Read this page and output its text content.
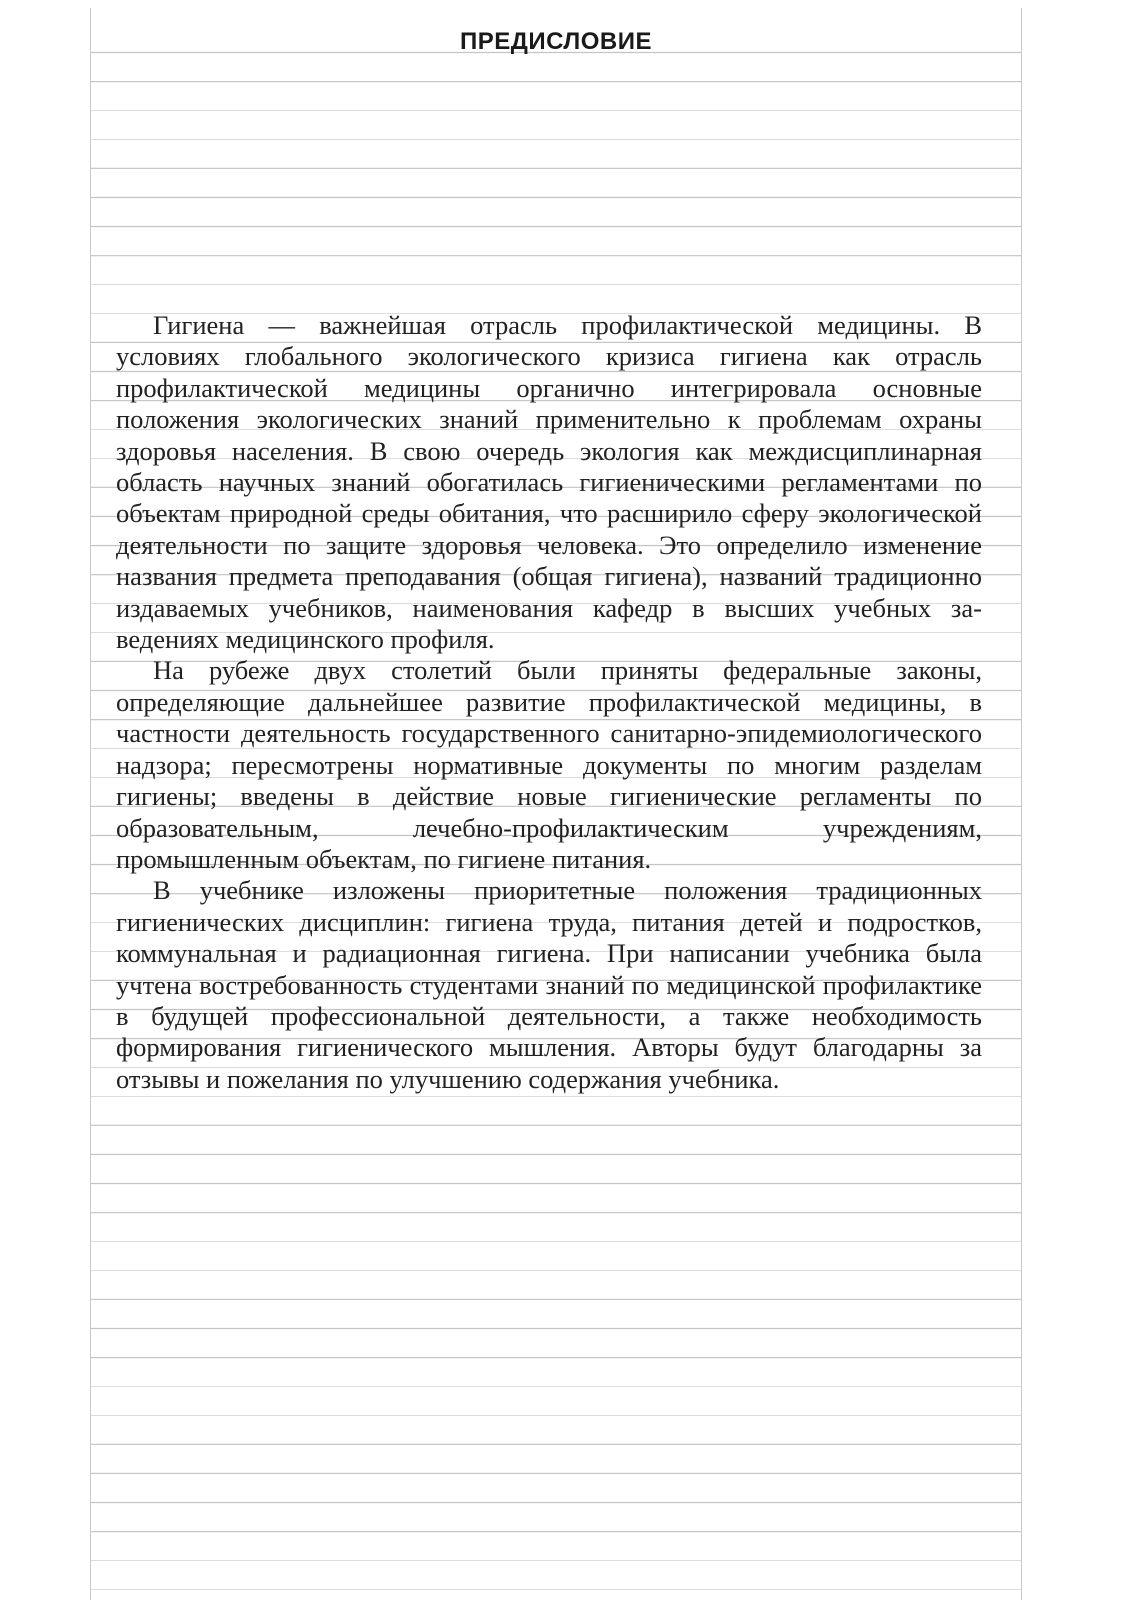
ПРЕДИСЛОВИЕ

Гигиена — важнейшая отрасль профилактической медицины. В условиях глобального экологического кризиса гигиена как отрасль профилактической медицины органично интегрировала основные положения экологических знаний применительно к проблемам охраны здоровья населения. В свою очередь экология как междисциплинарная область научных знаний обогатилась гигиеническими регламентами по объектам природной среды обитания, что расширило сферу экологической деятельности по защите здоровья человека. Это определило изменение названия предмета преподавания (общая гигиена), названий традиционно издаваемых учебников, наименования кафедр в высших учебных заведениях медицинского профиля.

На рубеже двух столетий были приняты федеральные законы, определяющие дальнейшее развитие профилактической медицины, в частности деятельность государственного санитарно-эпидемиологического надзора; пересмотрены нормативные документы по многим разделам гигиены; введены в действие новые гигиенические регламенты по образовательным, лечебно-профилактическим учреждениям, промышленным объектам, по гигиене питания.

В учебнике изложены приоритетные положения традиционных гигиенических дисциплин: гигиена труда, питания детей и подростков, коммунальная и радиационная гигиена. При написании учебника была учтена востребованность студентами знаний по медицинской профилактике в будущей профессиональной деятельности, а также необходимость формирования гигиенического мышления. Авторы будут благодарны за отзывы и пожелания по улучшению содержания учебника.
